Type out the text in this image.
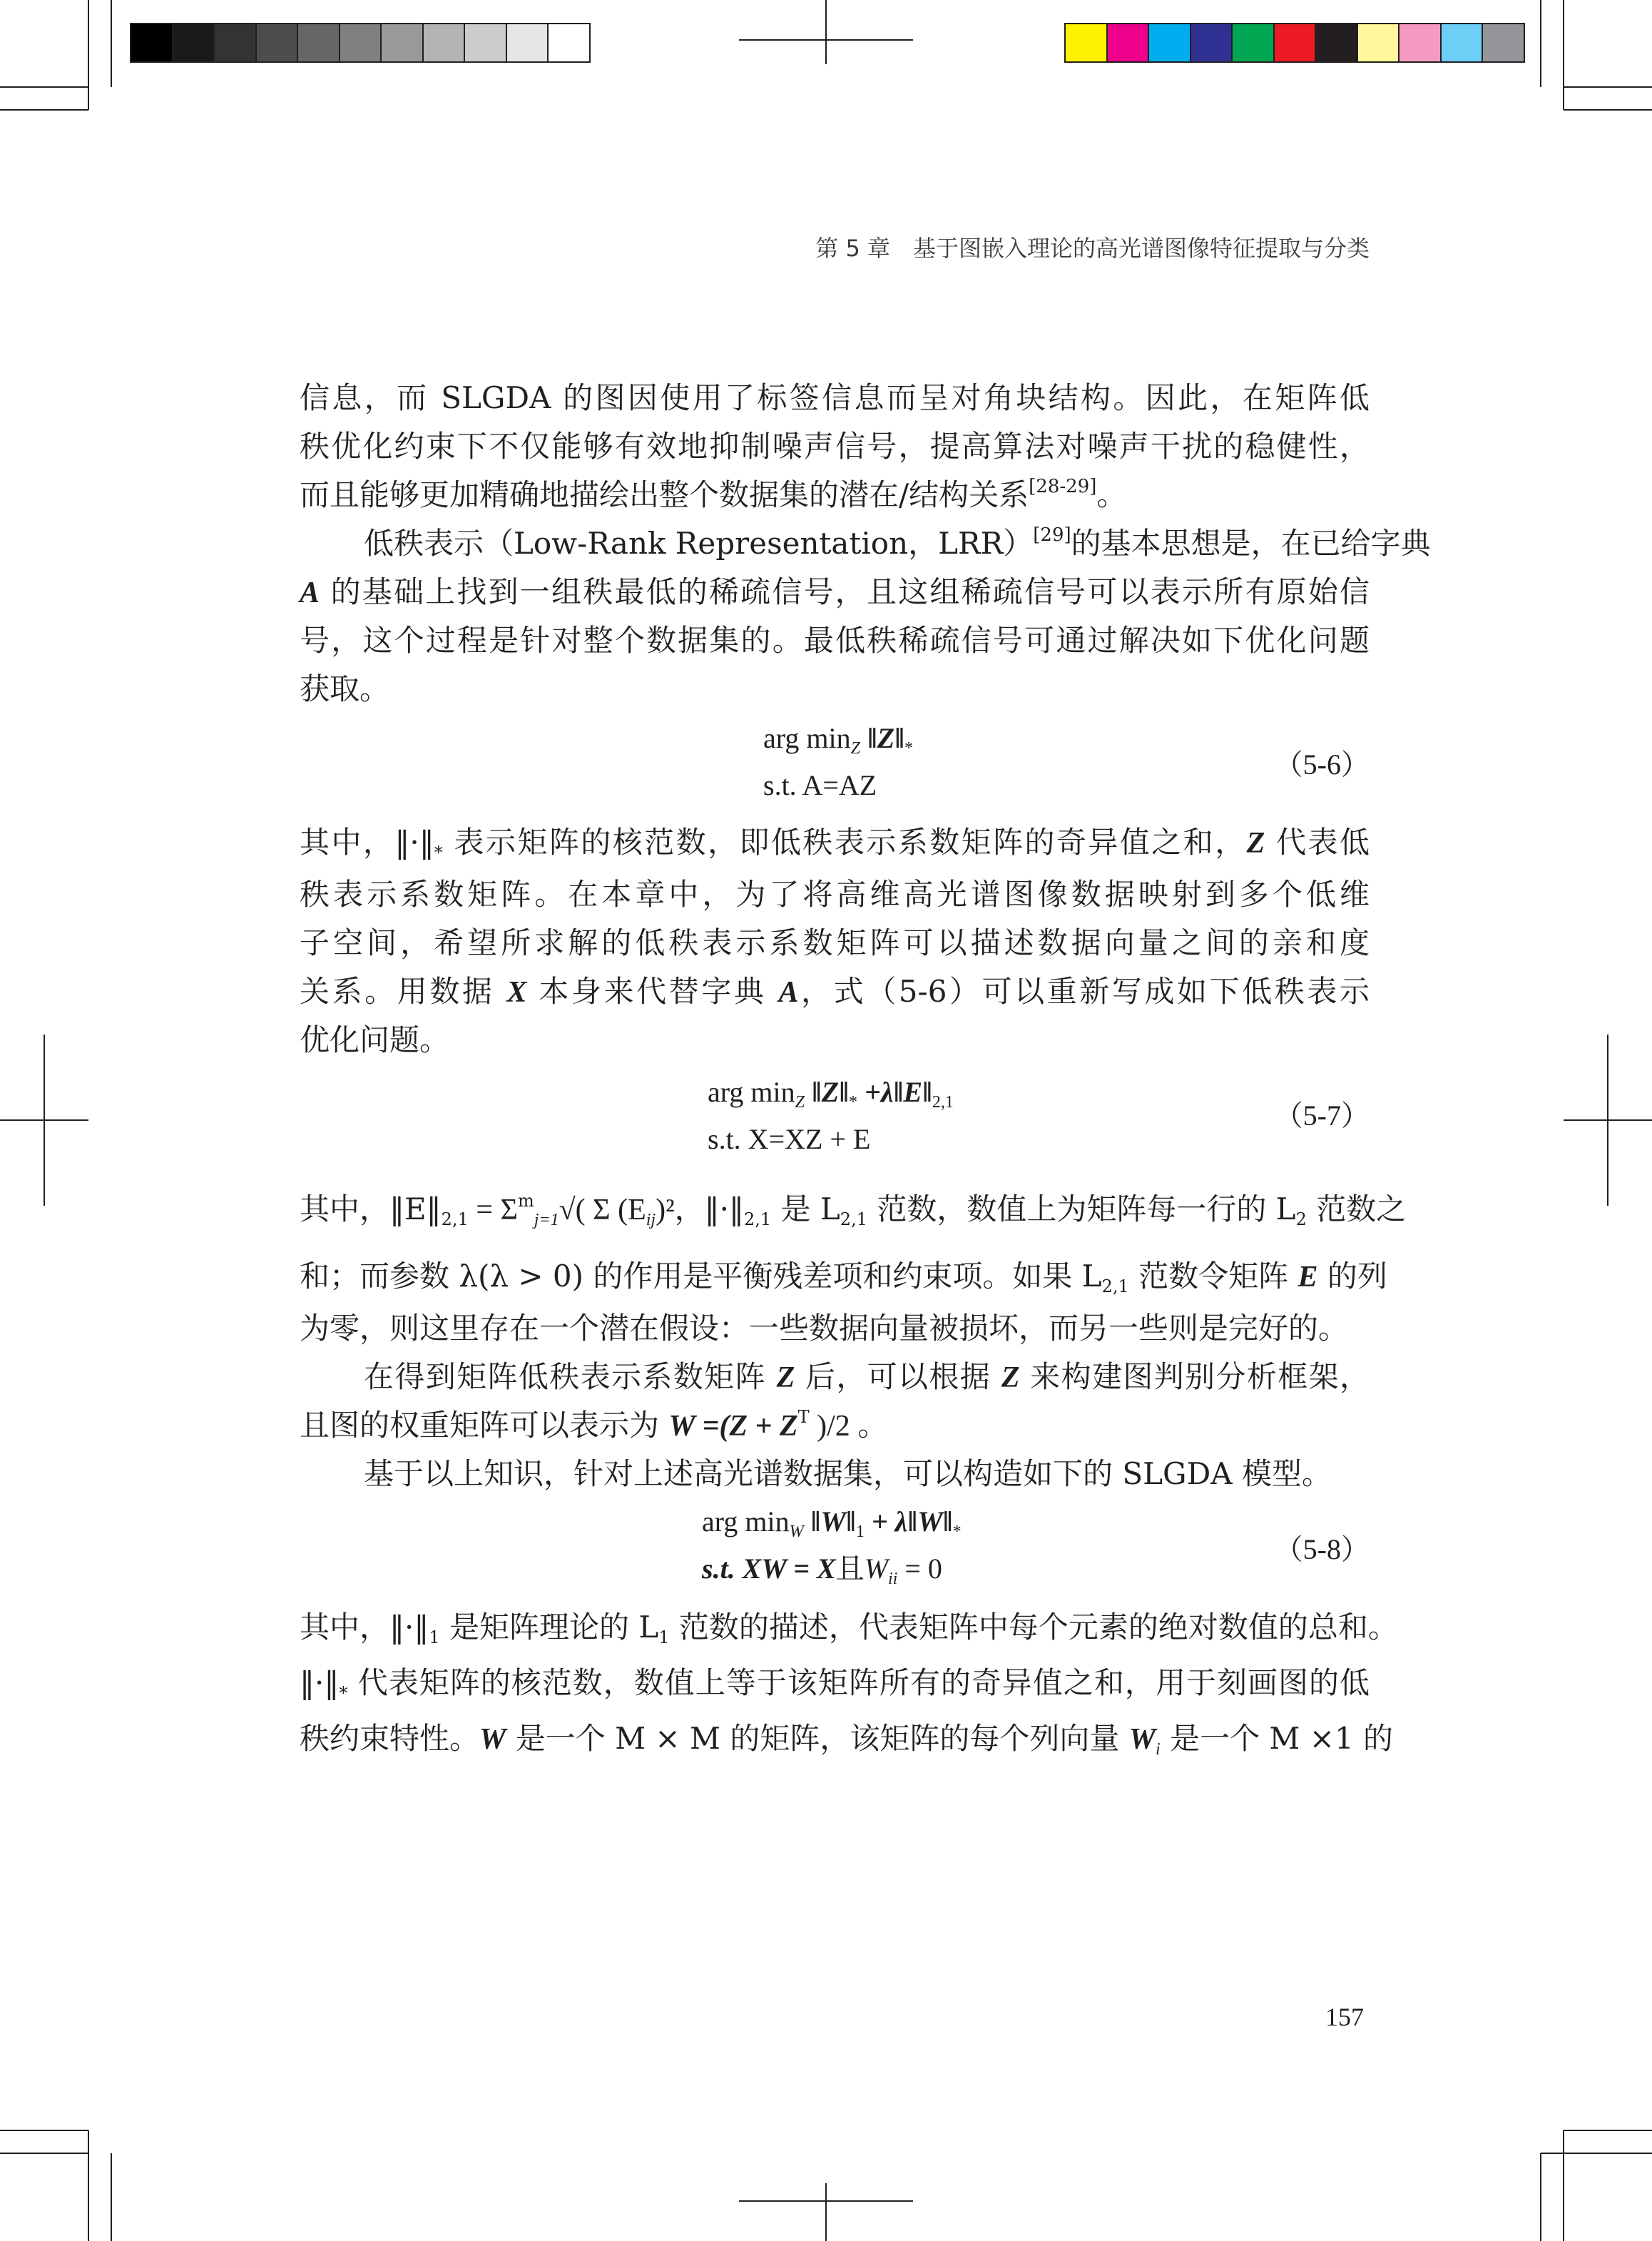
第 5 章　基于图嵌入理论的高光谱图像特征提取与分类

信息，而 SLGDA 的图因使用了标签信息而呈对角块结构。因此，在矩阵低

秩优化约束下不仅能够有效地抑制噪声信号，提高算法对噪声干扰的稳健性，

而且能够更加精确地描绘出整个数据集的潜在/结构关系[28-29]。

低秩表示（Low-Rank Representation，LRR）[29]的基本思想是，在已给字典

A 的基础上找到一组秩最低的稀疏信号，且这组稀疏信号可以表示所有原始信

号，这个过程是针对整个数据集的。最低秩稀疏信号可通过解决如下优化问题

获取。

arg $\min_Z$ $‖Z‖_*$
s.t. A=AZ
（5-6）

其中，$‖\cdot‖_*$ 表示矩阵的核范数，即低秩表示系数矩阵的奇异值之和，Z 代表低

秩表示系数矩阵。在本章中，为了将高维高光谱图像数据映射到多个低维

子空间，希望所求解的低秩表示系数矩阵可以描述数据向量之间的亲和度

关系。用数据 X 本身来代替字典 A，式（5-6）可以重新写成如下低秩表示

优化问题。

arg $\min_Z$ $‖Z‖_*$ $+\lambda‖E‖_{2,1}$
s.t. X=XZ + E
（5-7）

其中，$‖E‖_{2,1} = \Sigma^m_{j=1}√$( Σ $(E_{ij})^2$，$‖\cdot‖_{2,1}$ 是 $L_{2,1}$ 范数，数值上为矩阵每一行的 $L_2$ 范数之

和；而参数 λ(λ > 0) 的作用是平衡残差项和约束项。如果 $L_{2,1}$ 范数令矩阵 E 的列

为零，则这里存在一个潜在假设：一些数据向量被损坏，而另一些则是完好的。

在得到矩阵低秩表示系数矩阵 Z 后，可以根据 Z 来构建图判别分析框架，

且图的权重矩阵可以表示为 $W =(Z + Z^T$ )/2 。

基于以上知识，针对上述高光谱数据集，可以构造如下的 SLGDA 模型。

arg $\min_W$ $‖W‖_1$ + $\lambda‖W‖_*$
s.t. XW = X且$W_{ii} = 0$
（5-8）

其中，$‖\cdot‖_1$ 是矩阵理论的 $L_1$ 范数的描述，代表矩阵中每个元素的绝对数值的总和。

$‖\cdot‖_*$ 代表矩阵的核范数，数值上等于该矩阵所有的奇异值之和，用于刻画图的低

秩约束特性。W 是一个 M × M 的矩阵，该矩阵的每个列向量 $W_i$ 是一个 M ×1 的

157
